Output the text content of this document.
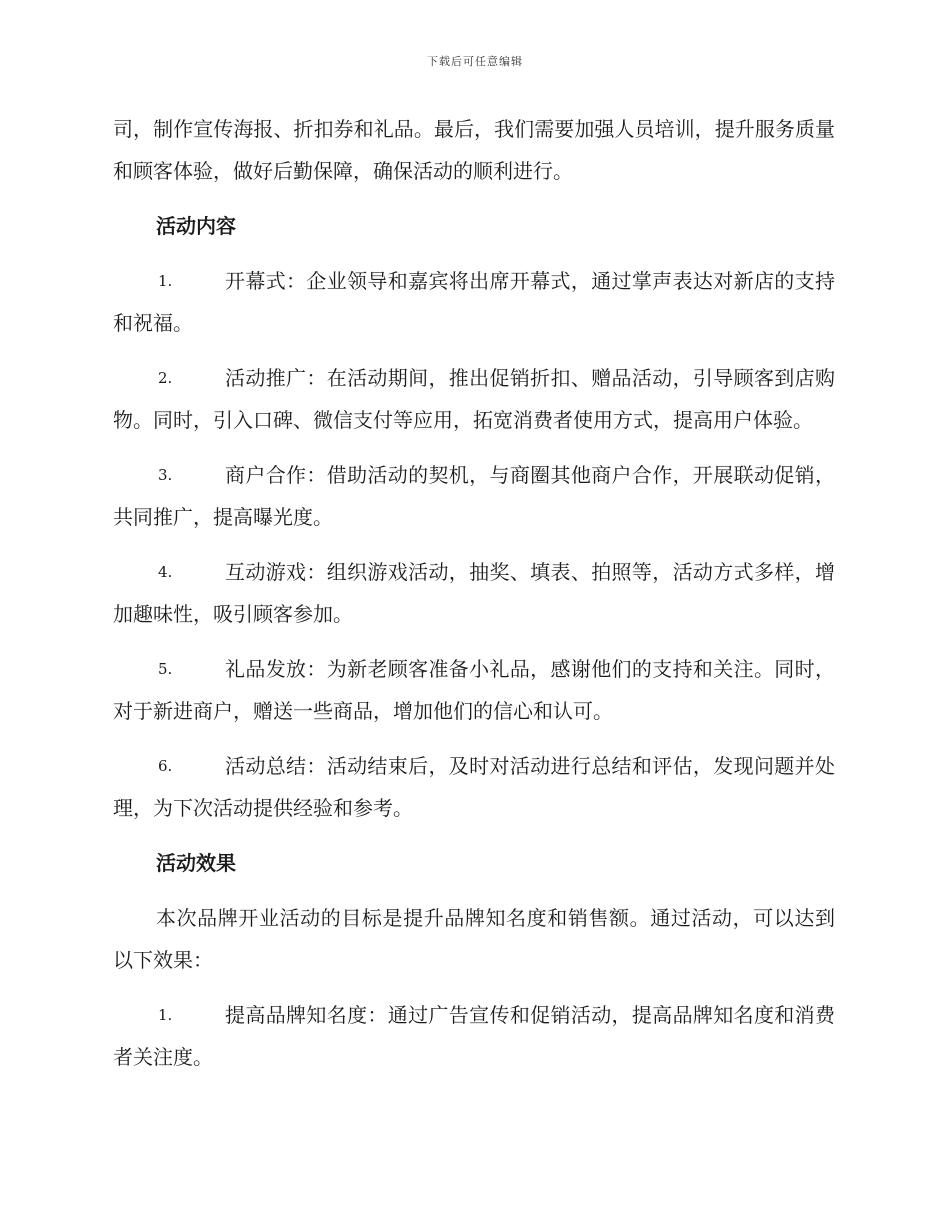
下载后可任意编辑

司，制作宣传海报、折扣券和礼品。最后，我们需要加强人员培训，提升服务质量和顾客体验，做好后勤保障，确保活动的顺利进行。

活动内容

1.	开幕式：企业领导和嘉宾将出席开幕式，通过掌声表达对新店的支持和祝福。

2.	活动推广：在活动期间，推出促销折扣、赠品活动，引导顾客到店购物。同时，引入口碑、微信支付等应用，拓宽消费者使用方式，提高用户体验。

3.	商户合作：借助活动的契机，与商圈其他商户合作，开展联动促销，共同推广，提高曝光度。

4.	互动游戏：组织游戏活动，抽奖、填表、拍照等，活动方式多样，增加趣味性，吸引顾客参加。

5.	礼品发放：为新老顾客准备小礼品，感谢他们的支持和关注。同时，对于新进商户，赠送一些商品，增加他们的信心和认可。

6.	活动总结：活动结束后，及时对活动进行总结和评估，发现问题并处理，为下次活动提供经验和参考。

活动效果

本次品牌开业活动的目标是提升品牌知名度和销售额。通过活动，可以达到以下效果：

1.	提高品牌知名度：通过广告宣传和促销活动，提高品牌知名度和消费者关注度。
